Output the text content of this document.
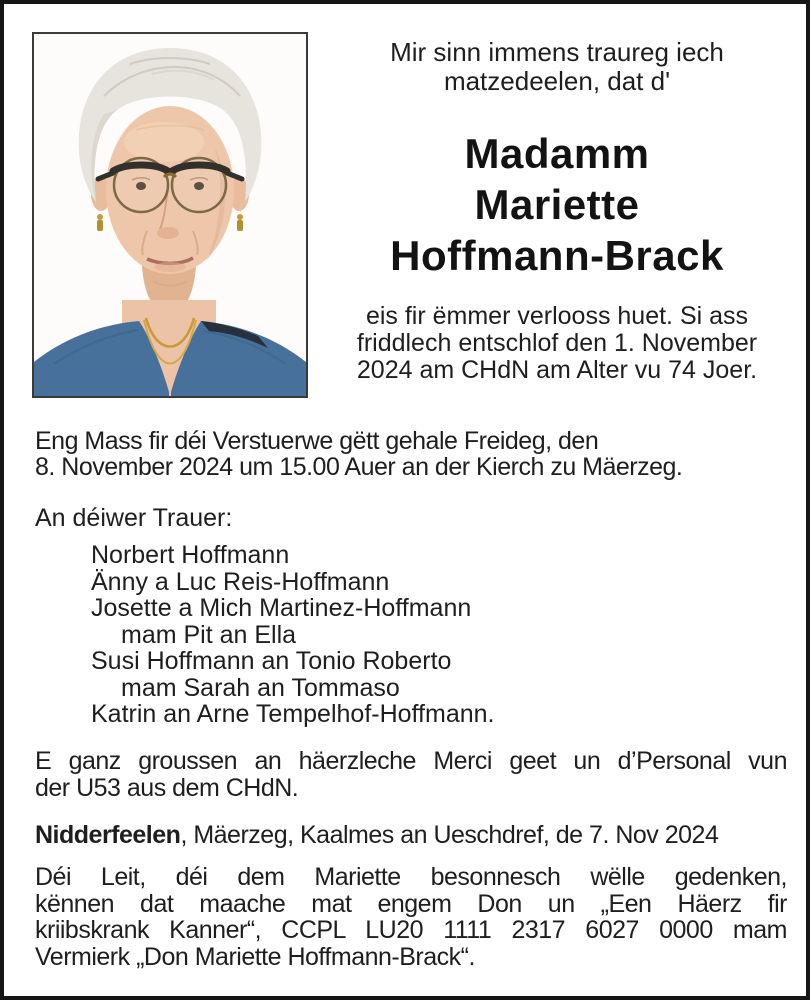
Mir sinn immens traureg iech
matzedeelen, dat d'
Madamm
Mariette
Hoffmann-Brack
eis fir ëmmer verlooss huet. Si ass
friddlech entschlof den 1. November
2024 am CHdN am Alter vu 74 Joer.
Eng Mass fir déi Verstuerwe gëtt gehale Freideg, den
8. November 2024 um 15.00 Auer an der Kierch zu Mäerzeg.
An déiwer Trauer:
Norbert Hoffmann
Änny a Luc Reis-Hoffmann
Josette a Mich Martinez-Hoffmann
mam Pit an Ella
Susi Hoffmann an Tonio Roberto
mam Sarah an Tommaso
Katrin an Arne Tempelhof-Hoffmann.
E ganz groussen an häerzleche Merci geet un d’Personal vun
der U53 aus dem CHdN.
Nidderfeelen, Mäerzeg, Kaalmes an Ueschdref, de 7. Nov 2024
Déi Leit, déi dem Mariette besonnesch wëlle gedenken,
kënnen dat maache mat engem Don un „Een Häerz fir
kriibskrank Kanner“, CCPL LU20 1111 2317 6027 0000 mam
Vermierk „Don Mariette Hoffmann-Brack“.
